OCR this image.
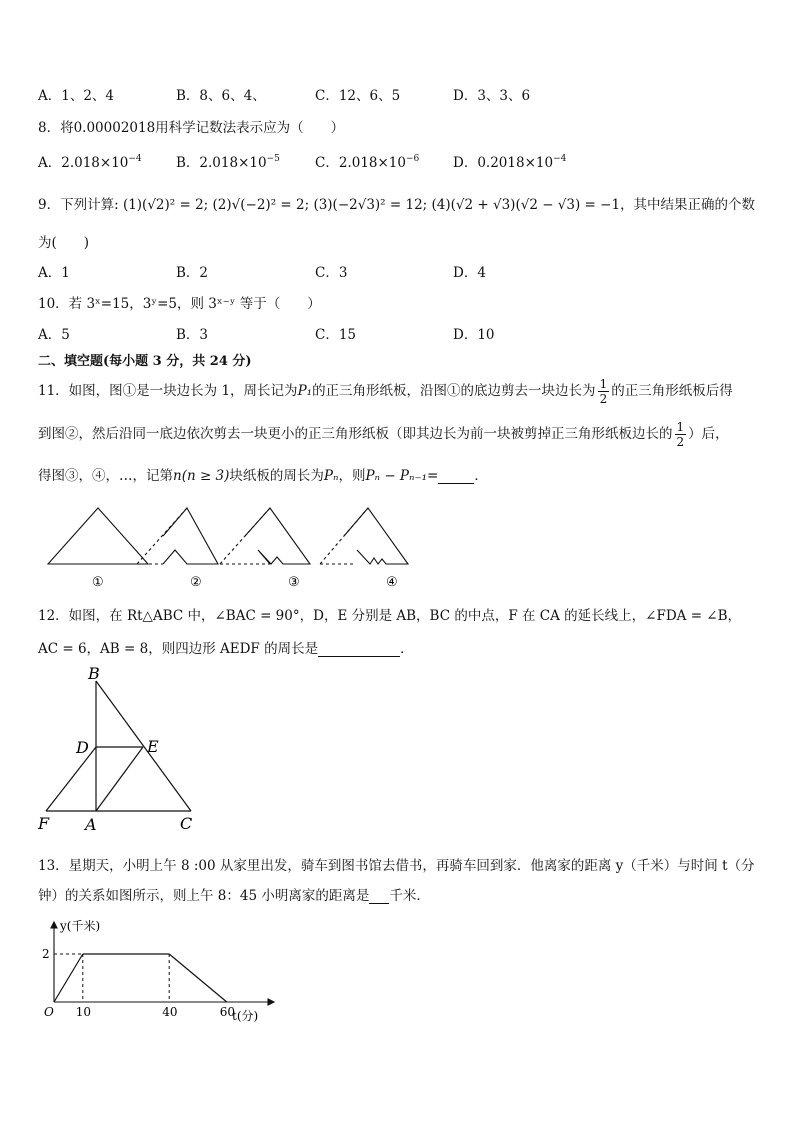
A．1、2、4	B．8、6、4、	C．12、6、5	D．3、3、6
8．将0.00002018用科学记数法表示应为（　　）
A．$2.018\times 10^{-4}$	B．$2.018\times 10^{-5}$	C．$2.018\times 10^{-6}$ D．$0.2018\times 10^{-4}$
9．下列计算: (1)(√2)² = 2; (2)√(−2)² = 2; (3)(−2√3)² = 12; (4)(√2 + √3)(√2 − √3) = −1，其中结果正确的个数
为(　　)
A．1	B．2	C．3	D．4
10．若 3ˣ=15，3ʸ=5，则 3ˣ⁻ʸ 等于（　　）
A．5	B．3	C．15	D．10
二、填空题(每小题 3 分，共 24 分)
11．如图，图①是一块边长为 1，周长记为P₁的正三角形纸板，沿图①的底边剪去一块边长为 $\frac{1}{2}$ 的正三角形纸板后得
到图②，然后沿同一底边依次剪去一块更小的正三角形纸板（即其边长为前一块被剪掉正三角形纸板边长的 $\frac{1}{2}$ ）后，
得图③，④，…，记第n(n ≥ 3)块纸板的周长为Pₙ，则Pₙ − Pₙ₋₁=	．
①	②	③	④
12．如图，在 Rt△ABC 中，∠BAC = 90°，D，E 分别是 AB，BC 的中点，F 在 CA 的延长线上，∠FDA = ∠B，
AC = 6，AB = 8，则四边形 AEDF 的周长是	．
B
D	E
F A	C
13．星期天，小明上午 8 :00 从家里出发，骑车到图书馆去借书，再骑车回到家．他离家的距离 y（千米）与时间 t（分
钟）的关系如图所示，则上午 8：45 小明离家的距离是 千米．
2
10	40	60
y(千米)
t(分)
O
